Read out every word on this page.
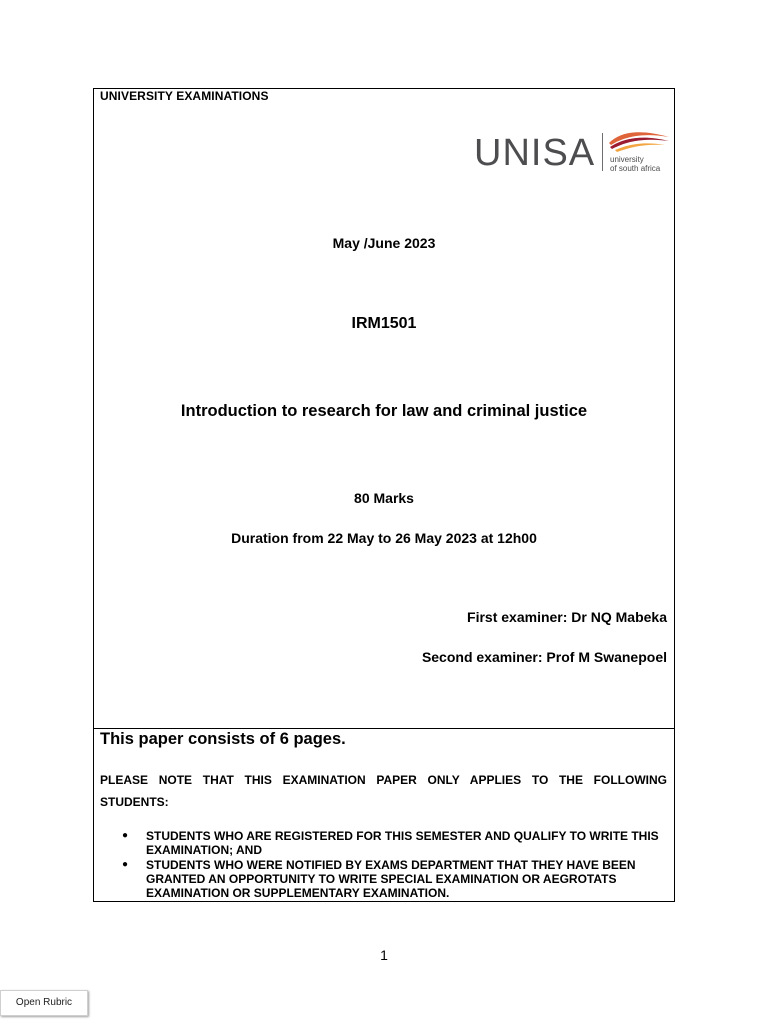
UNIVERSITY EXAMINATIONS
UNISA university
of south africa
May /June 2023
IRM1501
Introduction to research for law and criminal justice
80 Marks
Duration from 22 May to 26 May 2023 at 12h00
First examiner: Dr NQ Mabeka
Second examiner: Prof M Swanepoel
This paper consists of 6 pages.
PLEASE NOTE THAT THIS EXAMINATION PAPER ONLY APPLIES TO THE FOLLOWING STUDENTS:
● STUDENTS WHO ARE REGISTERED FOR THIS SEMESTER AND QUALIFY TO WRITE THIS EXAMINATION; AND
● STUDENTS WHO WERE NOTIFIED BY EXAMS DEPARTMENT THAT THEY HAVE BEEN GRANTED AN OPPORTUNITY TO WRITE SPECIAL EXAMINATION OR AEGROTATS EXAMINATION OR SUPPLEMENTARY EXAMINATION.
1
Open Rubric
